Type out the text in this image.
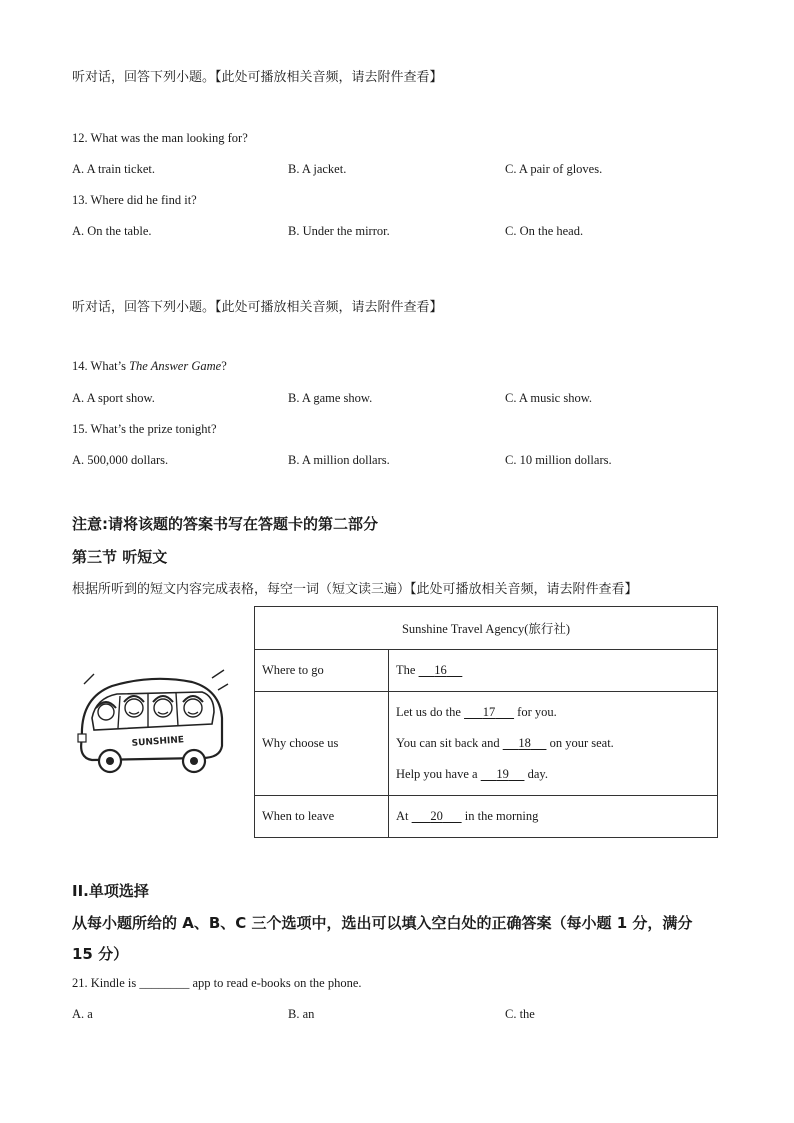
听对话，回答下列小题。【此处可播放相关音频，请去附件查看】
12. What was the man looking for?
A. A train ticket.	B. A jacket.	C. A pair of gloves.
13. Where did he find it?
A. On the table.	B. Under the mirror.	C. On the head.
听对话，回答下列小题。【此处可播放相关音频，请去附件查看】
14. What’s The Answer Game?
A. A sport show.	B. A game show.	C. A music show.
15. What’s the prize tonight?
A. 500,000 dollars.	B. A million dollars.	C. 10 million dollars.
注意:请将该题的答案书写在答题卡的第二部分
第三节 听短文
根据所听到的短文内容完成表格，每空一词（短文读三遍）【此处可播放相关音频，请去附件查看】
SUNSHINE
Sunshine Travel Agency(旅行社)	
Where to go	The      16
Why choose us	Let us do the       17       for you.
You can sit back and      18      on your seat.
Help you have a      19      day.

When to leave	At       20       in the morning
II.单项选择
从每小题所给的 A、B、C 三个选项中，选出可以填入空白处的正确答案（每小题 1 分，满分
15 分）
21. Kindle is ________ app to read e-books on the phone.
A. a	B. an	C. the
